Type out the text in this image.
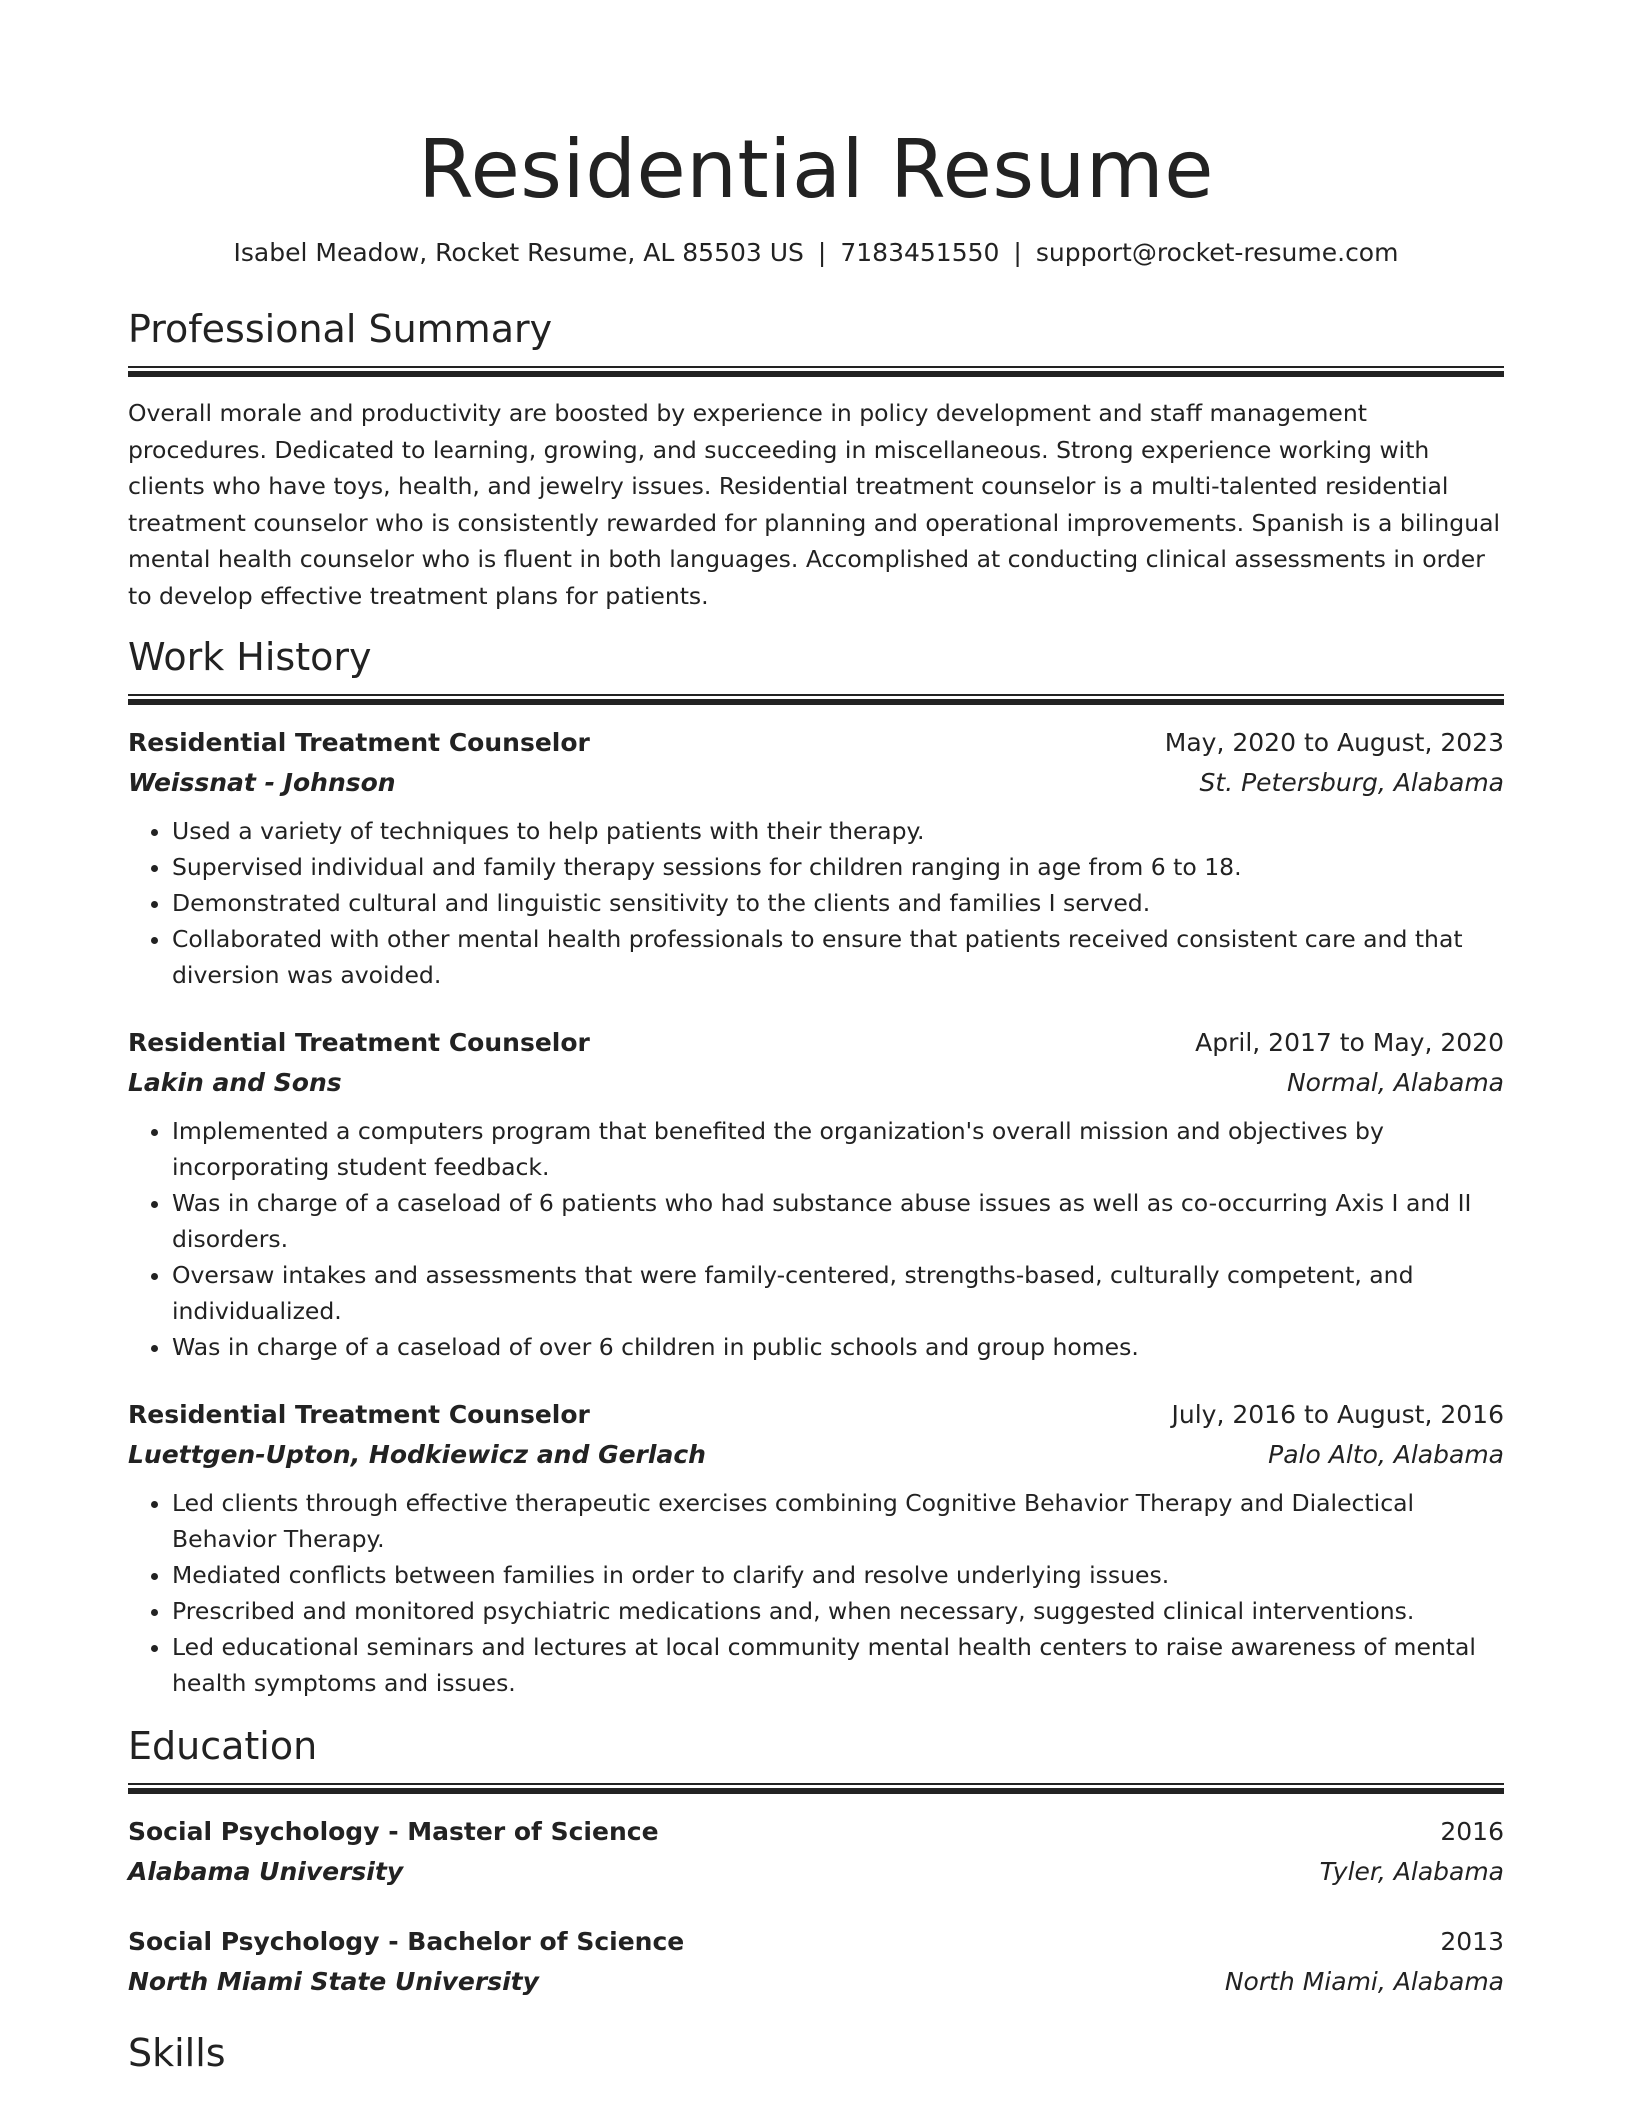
Residential Resume
Isabel Meadow, Rocket Resume, AL 85503 US | 7183451550 | support@rocket-resume.com
Professional Summary

Overall morale and productivity are boosted by experience in policy development and staff management procedures. Dedicated to learning, growing, and succeeding in miscellaneous. Strong experience working with clients who have toys, health, and jewelry issues. Residential treatment counselor is a multi-talented residential treatment counselor who is consistently rewarded for planning and operational improvements. Spanish is a bilingual mental health counselor who is fluent in both languages. Accomplished at conducting clinical assessments in order to develop effective treatment plans for patients.

Work History
Residential Treatment Counselor	May, 2020 to August, 2023
Weissnat - Johnson	St. Petersburg, Alabama
• Used a variety of techniques to help patients with their therapy.
• Supervised individual and family therapy sessions for children ranging in age from 6 to 18.
• Demonstrated cultural and linguistic sensitivity to the clients and families I served.
• Collaborated with other mental health professionals to ensure that patients received consistent care and that diversion was avoided.
Residential Treatment Counselor	April, 2017 to May, 2020
Lakin and Sons	Normal, Alabama
• Implemented a computers program that benefited the organization's overall mission and objectives by incorporating student feedback.
• Was in charge of a caseload of 6 patients who had substance abuse issues as well as co-occurring Axis I and II disorders.
• Oversaw intakes and assessments that were family-centered, strengths-based, culturally competent, and individualized.
• Was in charge of a caseload of over 6 children in public schools and group homes.
Residential Treatment Counselor	July, 2016 to August, 2016
Luettgen-Upton, Hodkiewicz and Gerlach	Palo Alto, Alabama
• Led clients through effective therapeutic exercises combining Cognitive Behavior Therapy and Dialectical Behavior Therapy.
• Mediated conflicts between families in order to clarify and resolve underlying issues.
• Prescribed and monitored psychiatric medications and, when necessary, suggested clinical interventions.
• Led educational seminars and lectures at local community mental health centers to raise awareness of mental health symptoms and issues.
Education
Social Psychology - Master of Science	2016
Alabama University	Tyler, Alabama
Social Psychology - Bachelor of Science	2013
North Miami State University	North Miami, Alabama
Skills
